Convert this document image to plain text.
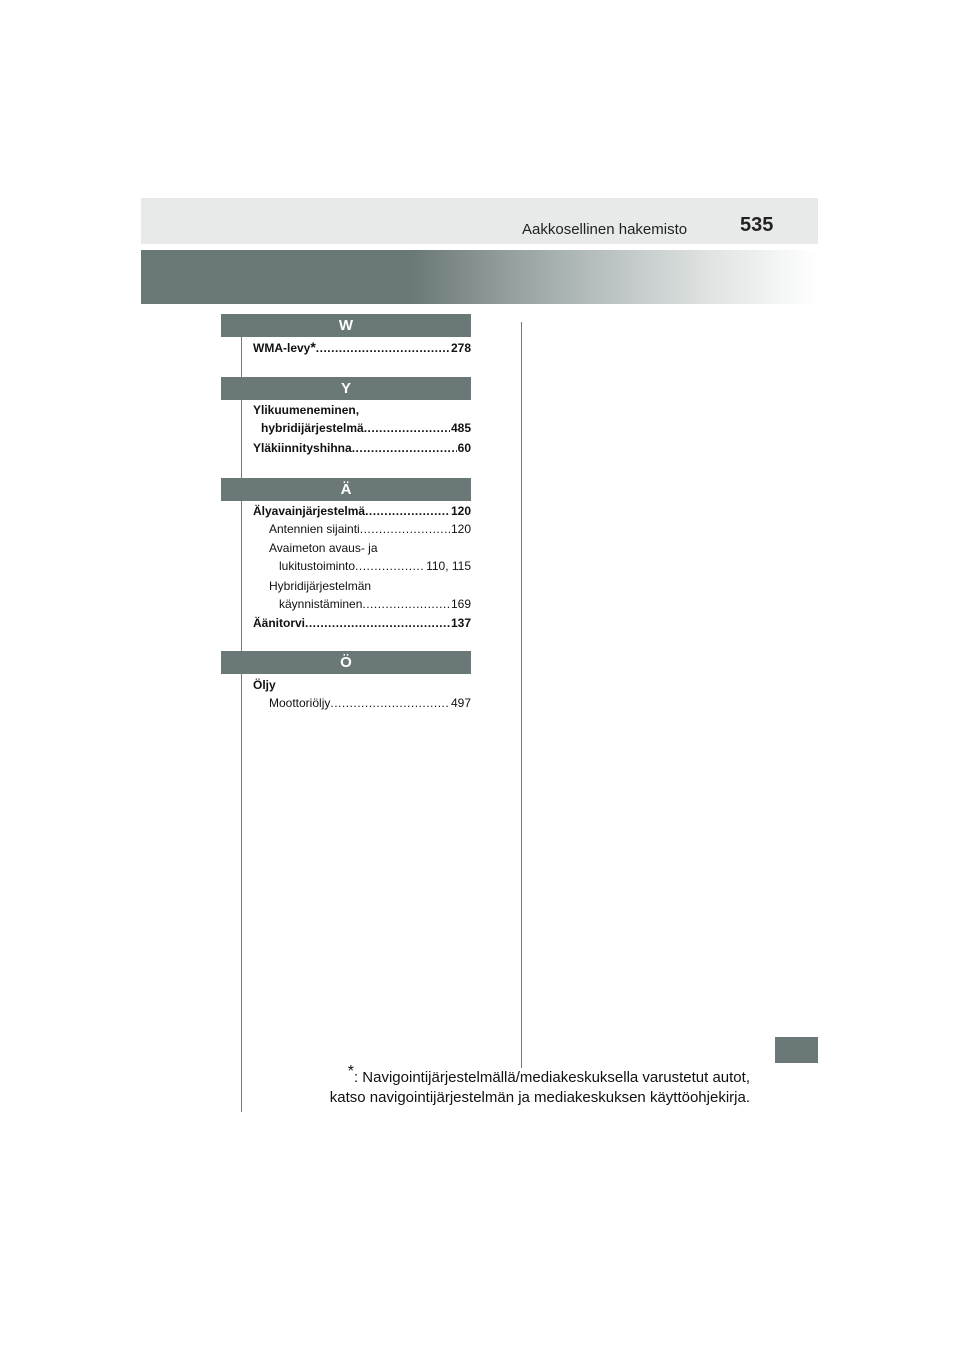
Aakkosellinen hakemisto	535
W
WMA-levy * .....	278
Y
Ylikuumeneminen,
hybridijärjestelmä .....	485
Yläkiinnityshihna .....	60
Ä
Älyavainjärjestelmä .....	120
Antennien sijainti .....	120
Avaimeton avaus- ja
lukitustoiminto .....	110, 115
Hybridijärjestelmän
käynnistäminen .....	169
Äänitorvi .....	137
Ö
Öljy
Moottoriöljy .....	497
*: Navigointijärjestelmällä/mediakeskuksella varustetut autot,
katso navigointijärjestelmän ja mediakeskuksen käyttöohjekirja.
